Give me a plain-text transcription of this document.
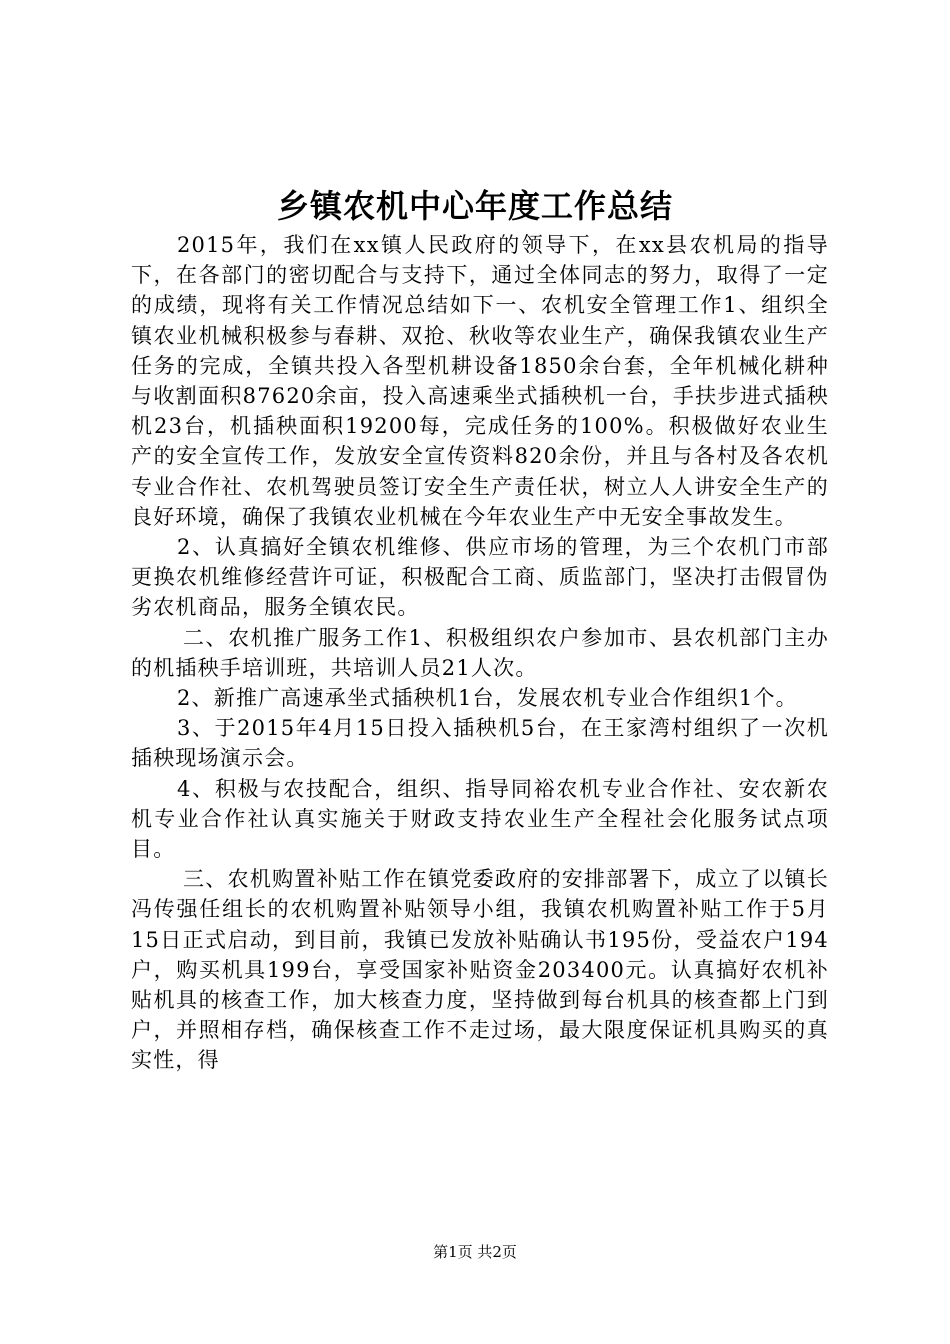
乡镇农机中心年度工作总结

2015年，我们在xx镇人民政府的领导下，在xx县农机局的指导下，在各部门的密切配合与支持下，通过全体同志的努力，取得了一定的成绩，现将有关工作情况总结如下一、农机安全管理工作1、组织全镇农业机械积极参与春耕、双抢、秋收等农业生产，确保我镇农业生产任务的完成，全镇共投入各型机耕设备1850余台套，全年机械化耕种与收割面积87620余亩，投入高速乘坐式插秧机一台，手扶步进式插秧机23台，机插秧面积19200每，完成任务的100%。积极做好农业生产的安全宣传工作，发放安全宣传资料820余份，并且与各村及各农机专业合作社、农机驾驶员签订安全生产责任状，树立人人讲安全生产的良好环境，确保了我镇农业机械在今年农业生产中无安全事故发生。

2、认真搞好全镇农机维修、供应市场的管理，为三个农机门市部更换农机维修经营许可证，积极配合工商、质监部门，坚决打击假冒伪劣农机商品，服务全镇农民。

二、农机推广服务工作1、积极组织农户参加市、县农机部门主办的机插秧手培训班，共培训人员21人次。

2、新推广高速承坐式插秧机1台，发展农机专业合作组织1个。

3、于2015年4月15日投入插秧机5台，在王家湾村组织了一次机插秧现场演示会。

4、积极与农技配合，组织、指导同裕农机专业合作社、安农新农机专业合作社认真实施关于财政支持农业生产全程社会化服务试点项目。

三、农机购置补贴工作在镇党委政府的安排部署下，成立了以镇长冯传强任组长的农机购置补贴领导小组，我镇农机购置补贴工作于5月15日正式启动，到目前，我镇已发放补贴确认书195份，受益农户194户，购买机具199台，享受国家补贴资金203400元。认真搞好农机补贴机具的核查工作，加大核查力度，坚持做到每台机具的核查都上门到户，并照相存档，确保核查工作不走过场，最大限度保证机具购买的真实性，得

第1页 共2页
